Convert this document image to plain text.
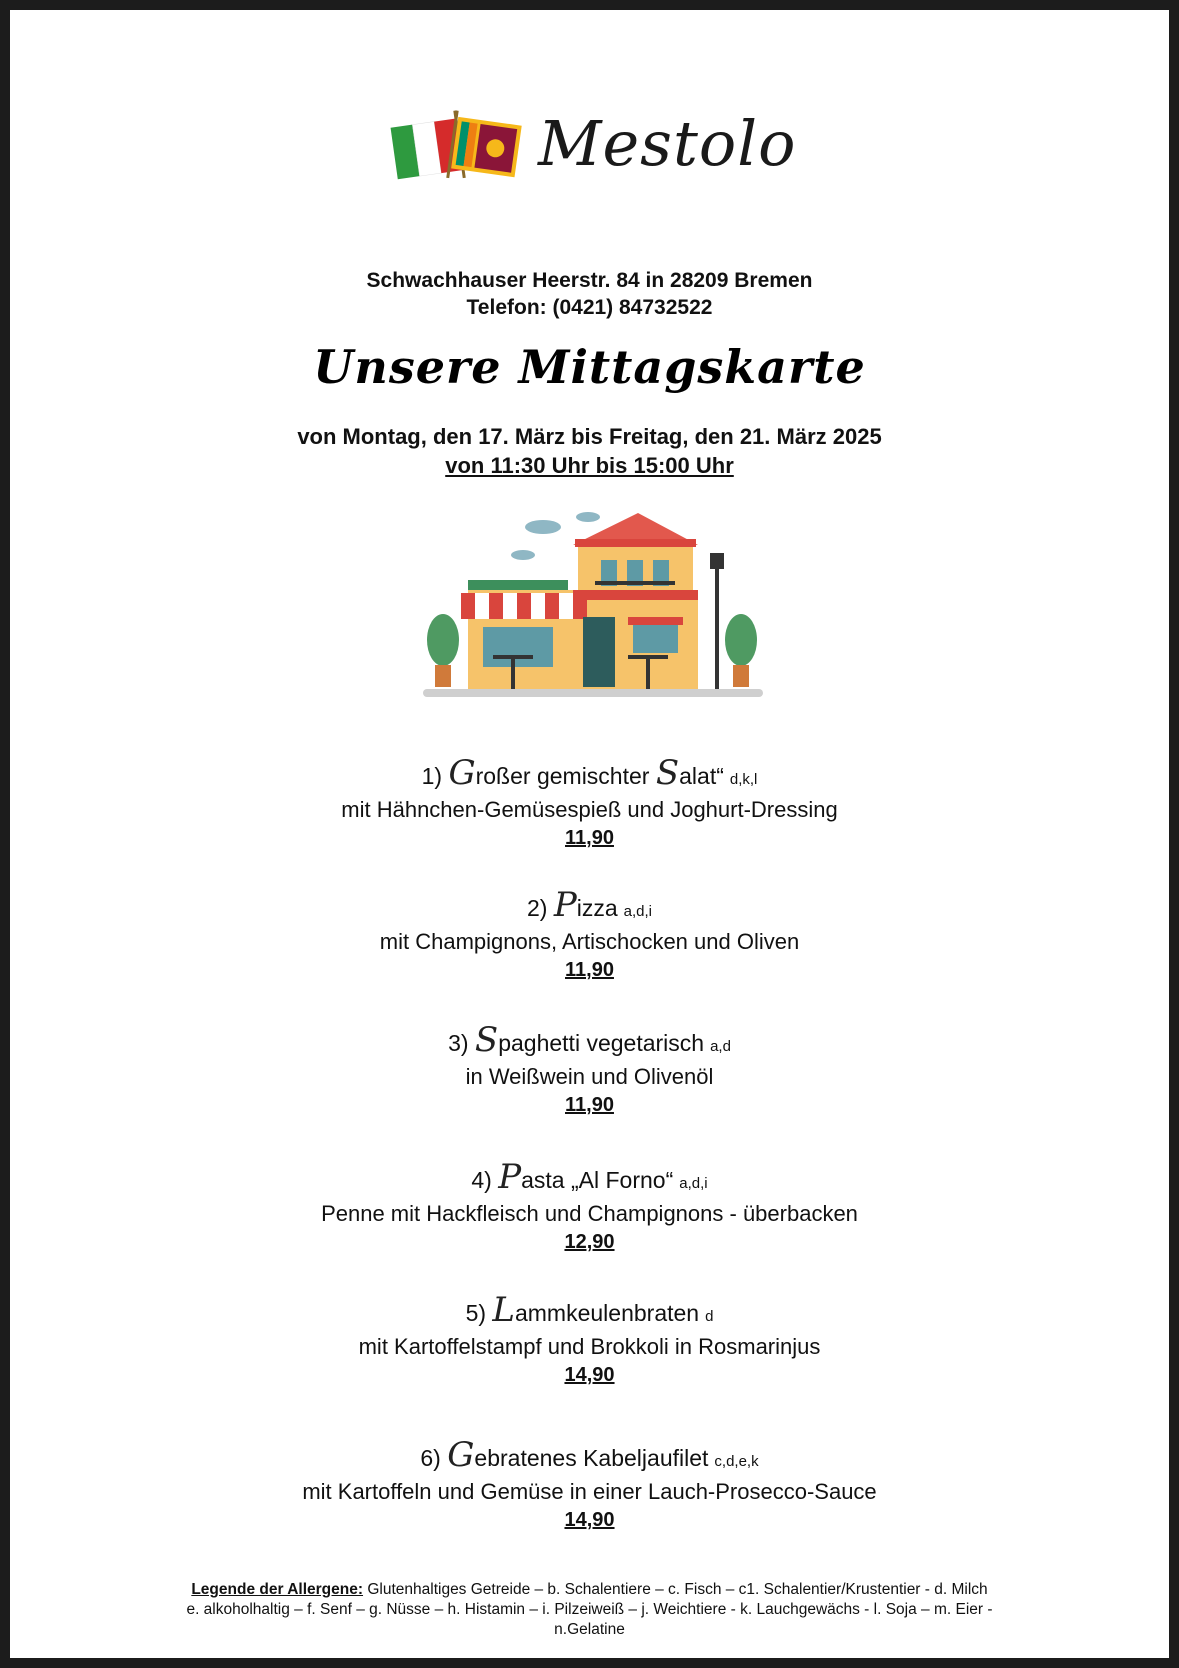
Mestolo
Schwachhauser Heerstr. 84 in 28209 Bremen
Telefon: (0421) 84732522
Unsere Mittagskarte
von Montag, den 17. März bis Freitag, den 21. März 2025
von 11:30 Uhr bis 15:00 Uhr
1) Großer gemischter Salat“ d,k,l
mit Hähnchen-Gemüsespieß und Joghurt-Dressing
11,90
2) Pizza a,d,i
mit Champignons, Artischocken und Oliven
11,90
3) Spaghetti vegetarisch a,d
in Weißwein und Olivenöl
11,90
4) Pasta „Al Forno“ a,d,i
Penne mit Hackfleisch und Champignons - überbacken
12,90
5) Lammkeulenbraten d
mit Kartoffelstampf und Brokkoli in Rosmarinjus
14,90
6) Gebratenes Kabeljaufilet c,d,e,k
mit Kartoffeln und Gemüse in einer Lauch-Prosecco-Sauce
14,90
Legende der Allergene: Glutenhaltiges Getreide – b. Schalentiere – c. Fisch – c1. Schalentier/Krustentier - d. Milch
e. alkoholhaltig – f. Senf – g. Nüsse – h. Histamin – i. Pilzeiweiß – j. Weichtiere - k. Lauchgewächs - l. Soja – m. Eier -
n.Gelatine
